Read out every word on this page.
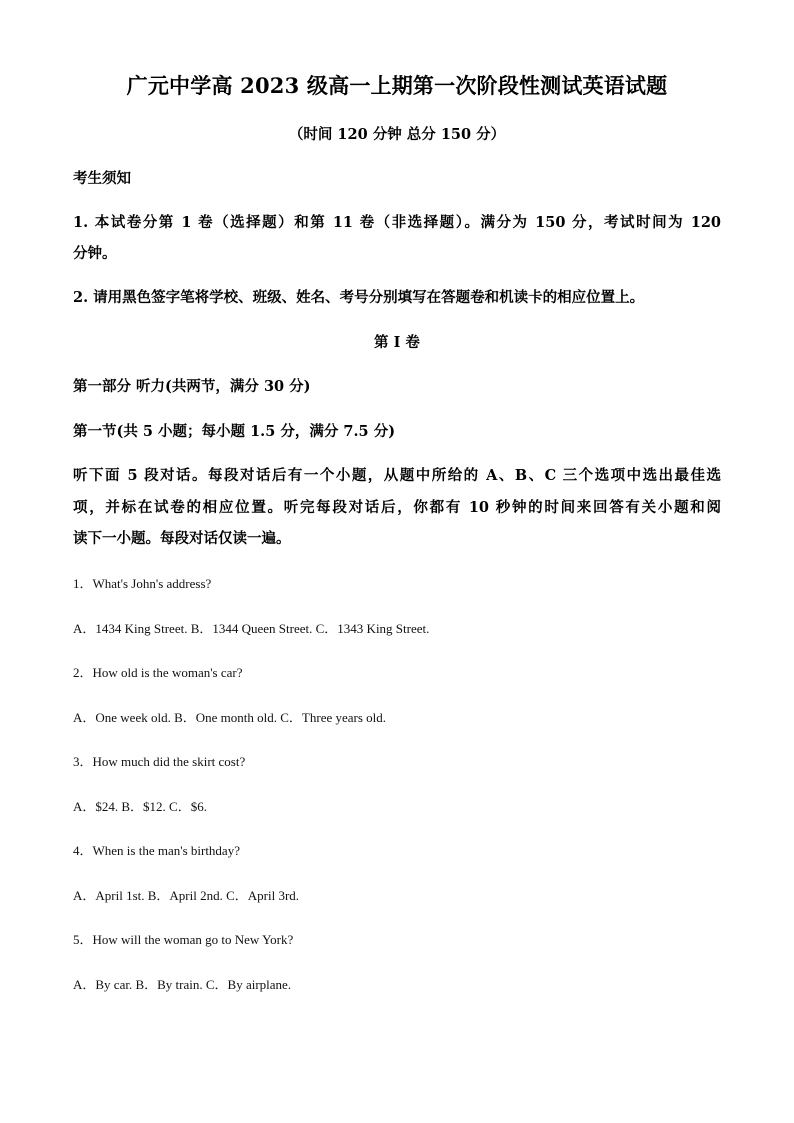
广元中学高 2023 级高一上期第一次阶段性测试英语试题
（时间 120 分钟 总分 150 分）
考生须知
1. 本试卷分第 1 卷（选择题）和第 11 卷（非选择题）。满分为 150 分，考试时间为 120
分钟。
2. 请用黑色签字笔将学校、班级、姓名、考号分别填写在答题卷和机读卡的相应位置上。
第 I 卷
第一部分 听力(共两节，满分 30 分)
第一节(共 5 小题；每小题 1.5 分，满分 7.5 分)
听下面 5 段对话。每段对话后有一个小题，从题中所给的 A、B、C 三个选项中选出最佳选
项，并标在试卷的相应位置。听完每段对话后，你都有 10 秒钟的时间来回答有关小题和阅
读下一小题。每段对话仅读一遍。
1．What's John's address?
A．1434 King Street. B．1344 Queen Street. C．1343 King Street.
2．How old is the woman's car?
A．One week old. B．One month old. C．Three years old.
3．How much did the skirt cost?
A．$24. B．$12. C．$6.
4．When is the man's birthday?
A．April 1st. B．April 2nd. C．April 3rd.
5．How will the woman go to New York?
A．By car. B．By train. C．By airplane.
